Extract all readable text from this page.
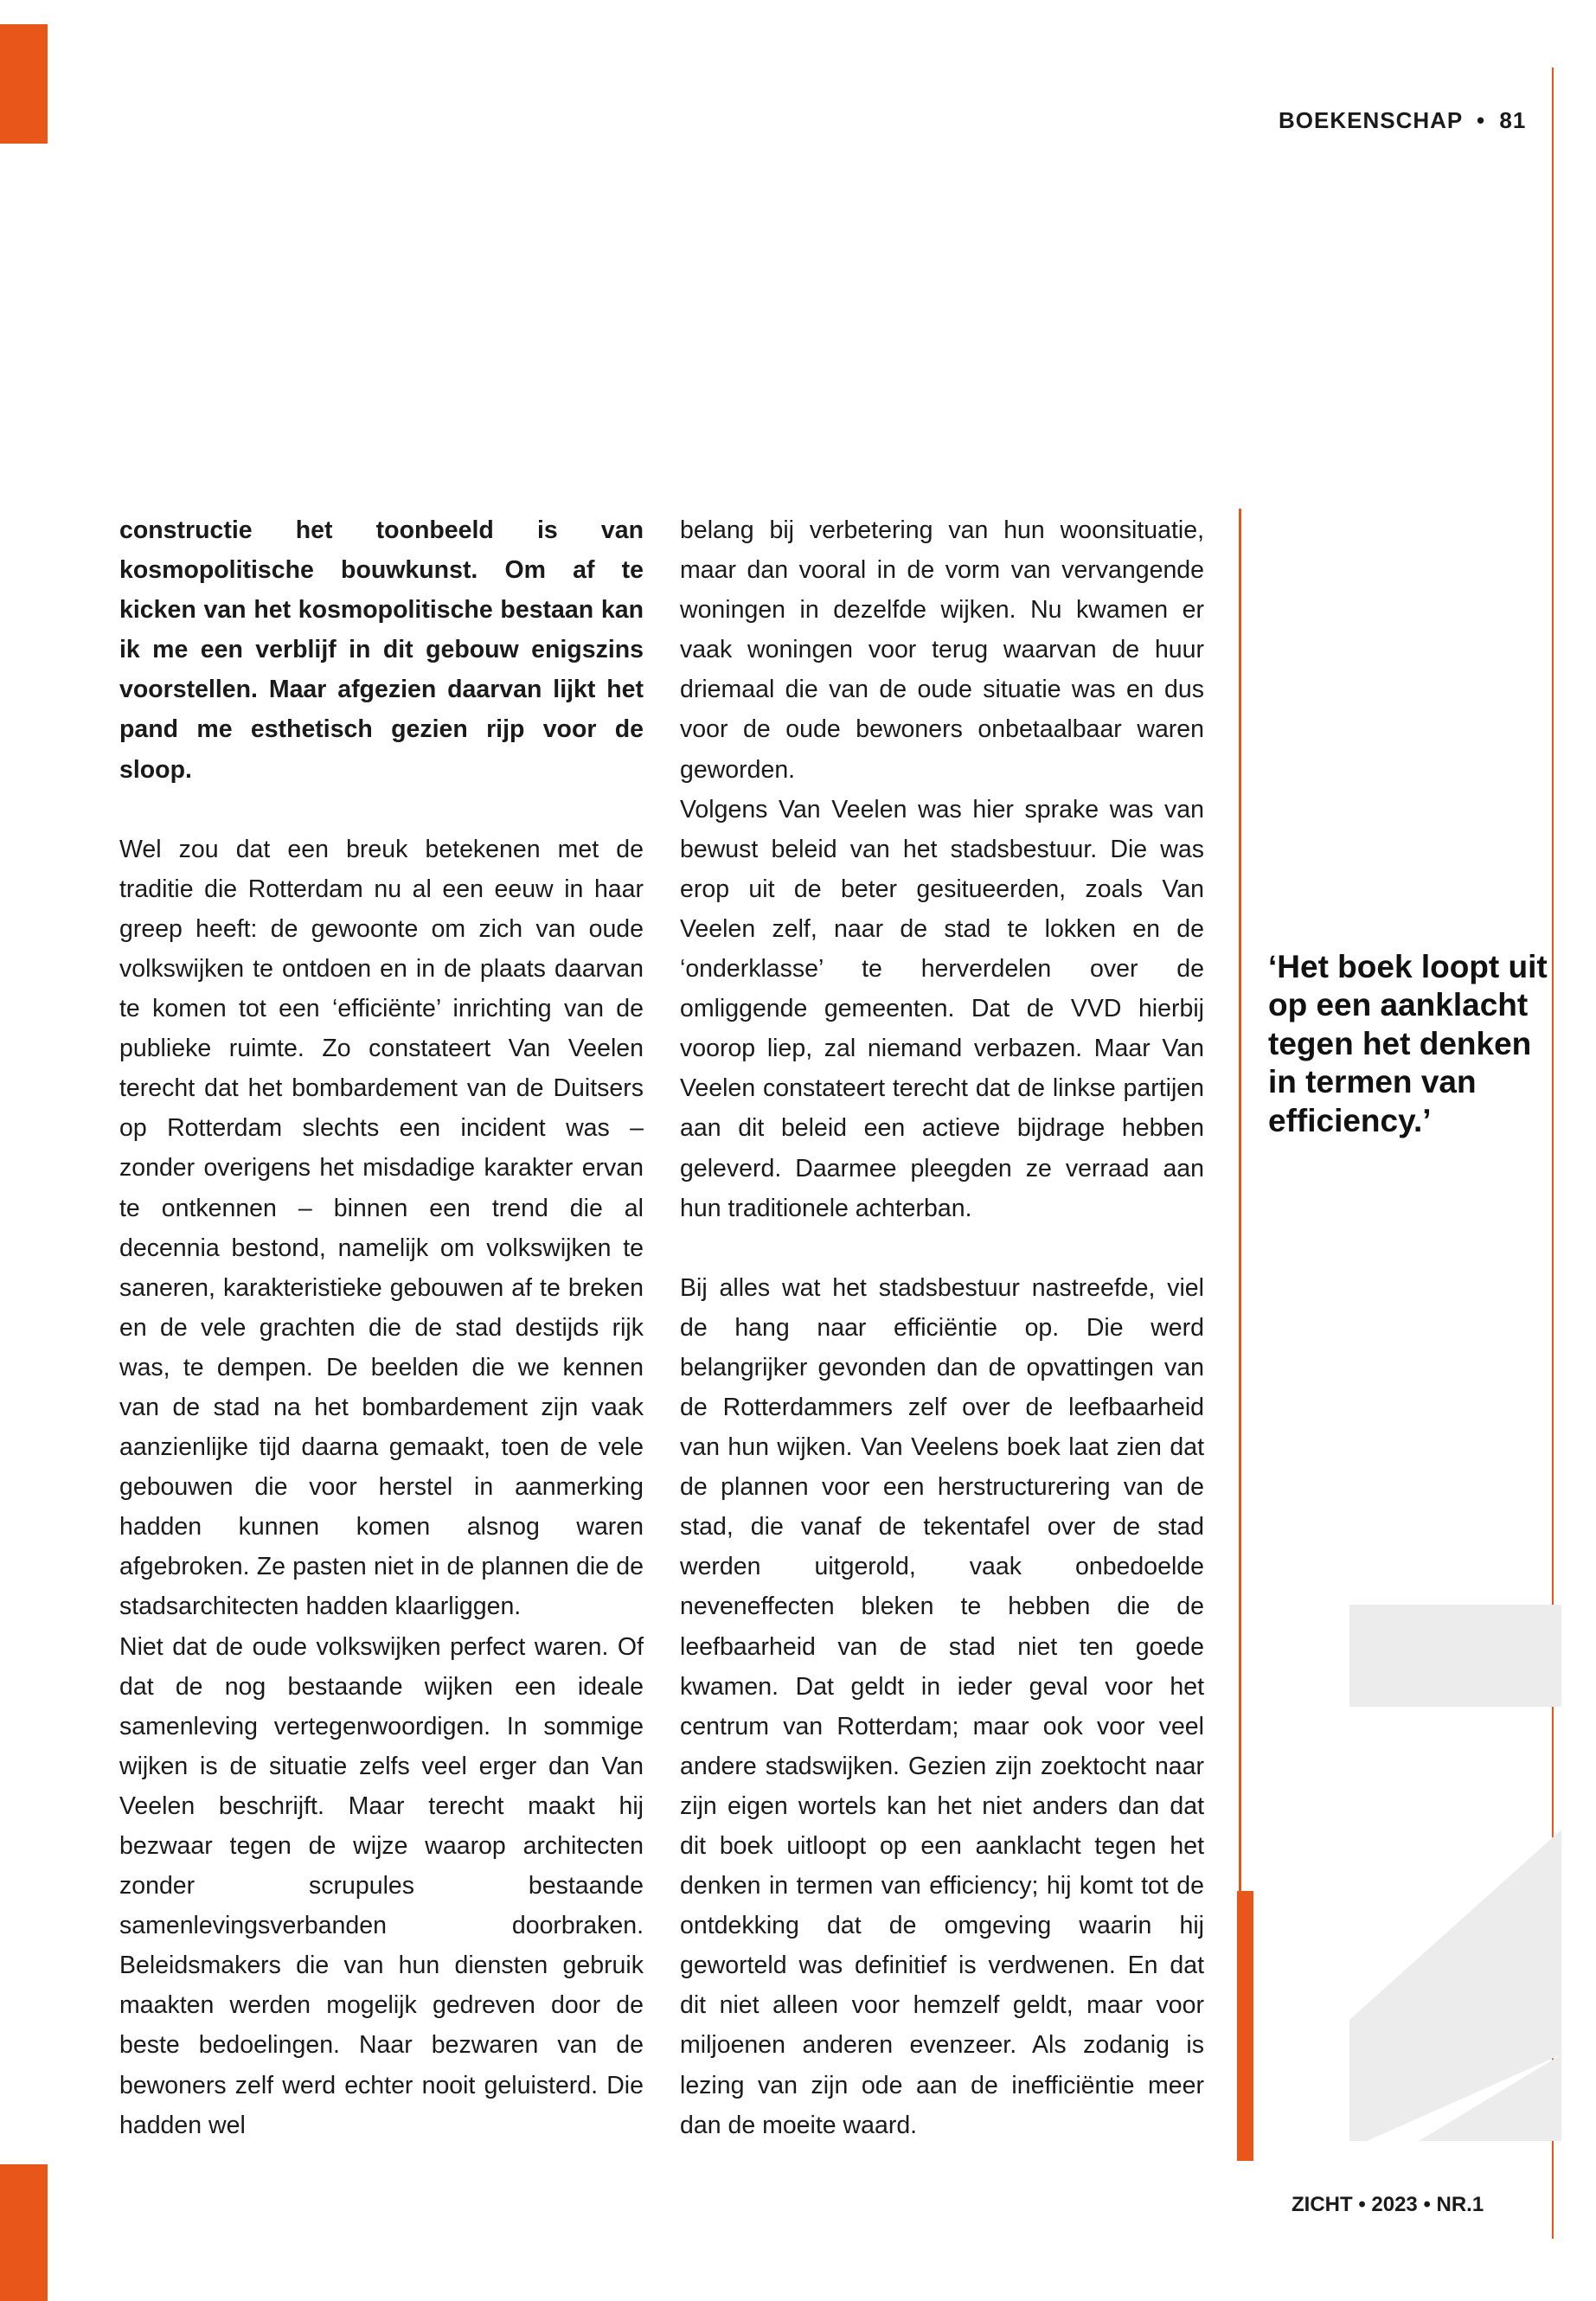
BOEKENSCHAP • 81

constructie het toonbeeld is van kosmopolitische bouwkunst. Om af te kicken van het kosmopolitische bestaan kan ik me een verblijf in dit gebouw enigszins voorstellen. Maar afgezien daarvan lijkt het pand me esthetisch gezien rijp voor de sloop.

Wel zou dat een breuk betekenen met de traditie die Rotterdam nu al een eeuw in haar greep heeft: de gewoonte om zich van oude volkswijken te ontdoen en in de plaats daarvan te komen tot een ‘efficiënte’ inrichting van de publieke ruimte. Zo constateert Van Veelen terecht dat het bombardement van de Duitsers op Rotterdam slechts een incident was – zonder overigens het misdadige karakter ervan te ontkennen – binnen een trend die al decennia bestond, namelijk om volkswijken te saneren, karakteristieke gebouwen af te breken en de vele grachten die de stad destijds rijk was, te dempen. De beelden die we kennen van de stad na het bombardement zijn vaak aanzienlijke tijd daarna gemaakt, toen de vele gebouwen die voor herstel in aanmerking hadden kunnen komen alsnog waren afgebroken. Ze pasten niet in de plannen die de stadsarchitecten hadden klaarliggen.

Niet dat de oude volkswijken perfect waren. Of dat de nog bestaande wijken een ideale samenleving vertegenwoordigen. In sommige wijken is de situatie zelfs veel erger dan Van Veelen beschrijft. Maar terecht maakt hij bezwaar tegen de wijze waarop architecten zonder scrupules bestaande samenlevingsverbanden doorbraken. Beleidsmakers die van hun diensten gebruik maakten werden mogelijk gedreven door de beste bedoelingen. Naar bezwaren van de bewoners zelf werd echter nooit geluisterd. Die hadden wel

belang bij verbetering van hun woonsituatie, maar dan vooral in de vorm van vervangende woningen in dezelfde wijken. Nu kwamen er vaak woningen voor terug waarvan de huur driemaal die van de oude situatie was en dus voor de oude bewoners onbetaalbaar waren geworden.

Volgens Van Veelen was hier sprake was van bewust beleid van het stadsbestuur. Die was erop uit de beter gesitueerden, zoals Van Veelen zelf, naar de stad te lokken en de ‘onderklasse’ te herverdelen over de omliggende gemeenten. Dat de VVD hierbij voorop liep, zal niemand verbazen. Maar Van Veelen constateert terecht dat de linkse partijen aan dit beleid een actieve bijdrage hebben geleverd. Daarmee pleegden ze verraad aan hun traditionele achterban.

Bij alles wat het stadsbestuur nastreefde, viel de hang naar efficiëntie op. Die werd belangrijker gevonden dan de opvattingen van de Rotterdammers zelf over de leefbaarheid van hun wijken. Van Veelens boek laat zien dat de plannen voor een herstructurering van de stad, die vanaf de tekentafel over de stad werden uitgerold, vaak onbedoelde neveneffecten bleken te hebben die de leefbaarheid van de stad niet ten goede kwamen. Dat geldt in ieder geval voor het centrum van Rotterdam; maar ook voor veel andere stadswijken. Gezien zijn zoektocht naar zijn eigen wortels kan het niet anders dan dat dit boek uitloopt op een aanklacht tegen het denken in termen van efficiency; hij komt tot de ontdekking dat de omgeving waarin hij geworteld was definitief is verdwenen. En dat dit niet alleen voor hemzelf geldt, maar voor miljoenen anderen evenzeer. Als zodanig is lezing van zijn ode aan de inefficiëntie meer dan de moeite waard.

‘Het boek loopt uit op een aanklacht tegen het denken in termen van efficiency.’
ZICHT • 2023 • NR.1
